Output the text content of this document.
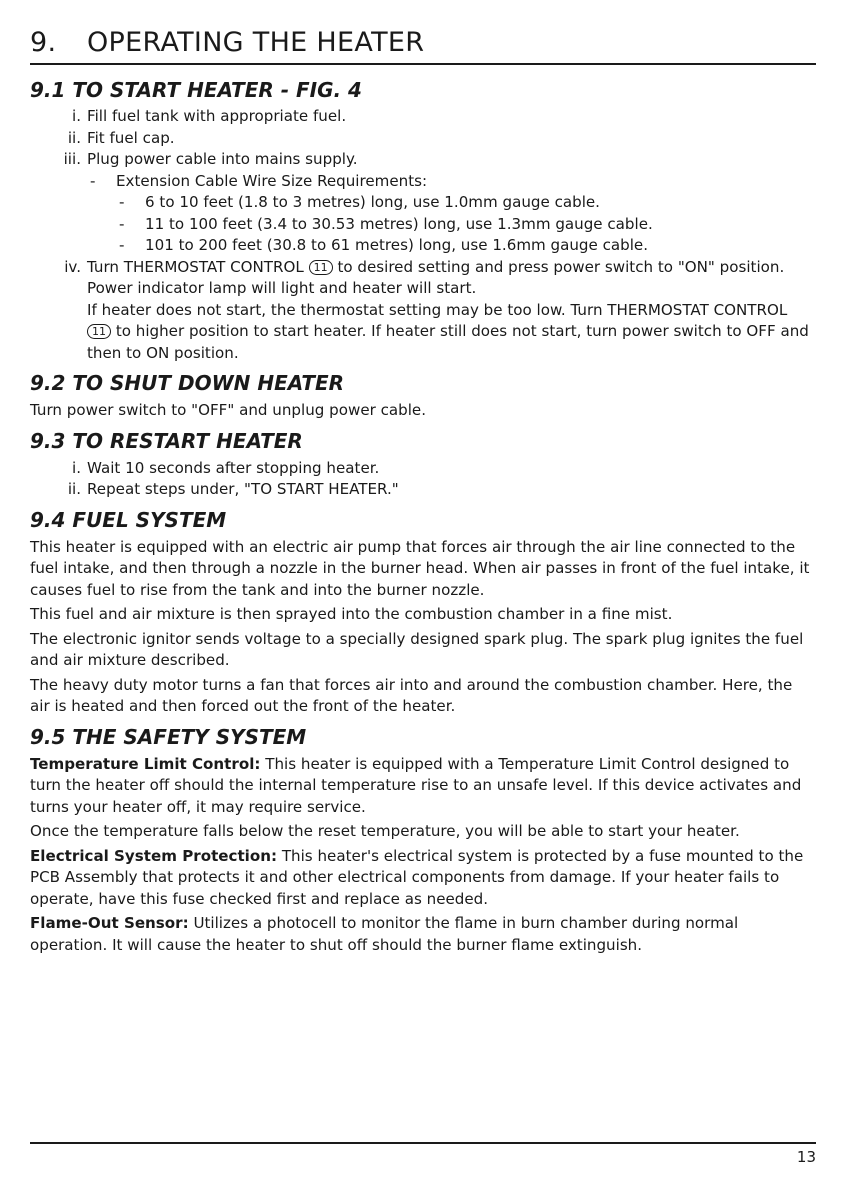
9.	OPERATING THE HEATER
9.1 TO START HEATER - FIG. 4
i. Fill fuel tank with appropriate fuel.
ii. Fit fuel cap.
iii. Plug power cable into mains supply.
-	Extension Cable Wire Size Requirements:
-	6 to 10 feet (1.8 to 3 metres) long, use 1.0mm gauge cable.
-	11 to 100 feet (3.4 to 30.53 metres) long, use 1.3mm gauge cable.
-	101 to 200 feet (30.8 to 61 metres) long, use 1.6mm gauge cable.
iv. Turn THERMOSTAT CONTROL 11 to desired setting and press power switch to "ON" position. Power indicator lamp will light and heater will start.
If heater does not start, the thermostat setting may be too low. Turn THERMOSTAT CONTROL 11 to higher position to start heater. If heater still does not start, turn power switch to OFF and then to ON position.
9.2 TO SHUT DOWN HEATER

Turn power switch to "OFF" and unplug power cable.

9.3 TO RESTART HEATER
i. Wait 10 seconds after stopping heater.
ii. Repeat steps under, "TO START HEATER."
9.4 FUEL SYSTEM

This heater is equipped with an electric air pump that forces air through the air line connected to the fuel intake, and then through a nozzle in the burner head. When air passes in front of the fuel intake, it causes fuel to rise from the tank and into the burner nozzle.

This fuel and air mixture is then sprayed into the combustion chamber in a fine mist.

The electronic ignitor sends voltage to a specially designed spark plug. The spark plug ignites the fuel and air mixture described.

The heavy duty motor turns a fan that forces air into and around the combustion chamber. Here, the air is heated and then forced out the front of the heater.

9.5 THE SAFETY SYSTEM

Temperature Limit Control: This heater is equipped with a Temperature Limit Control designed to turn the heater off should the internal temperature rise to an unsafe level. If this device activates and turns your heater off, it may require service.

Once the temperature falls below the reset temperature, you will be able to start your heater.

Electrical System Protection: This heater's electrical system is protected by a fuse mounted to the PCB Assembly that protects it and other electrical components from damage. If your heater fails to operate, have this fuse checked first and replace as needed.

Flame-Out Sensor: Utilizes a photocell to monitor the flame in burn chamber during normal operation. It will cause the heater to shut off should the burner flame extinguish.

13
